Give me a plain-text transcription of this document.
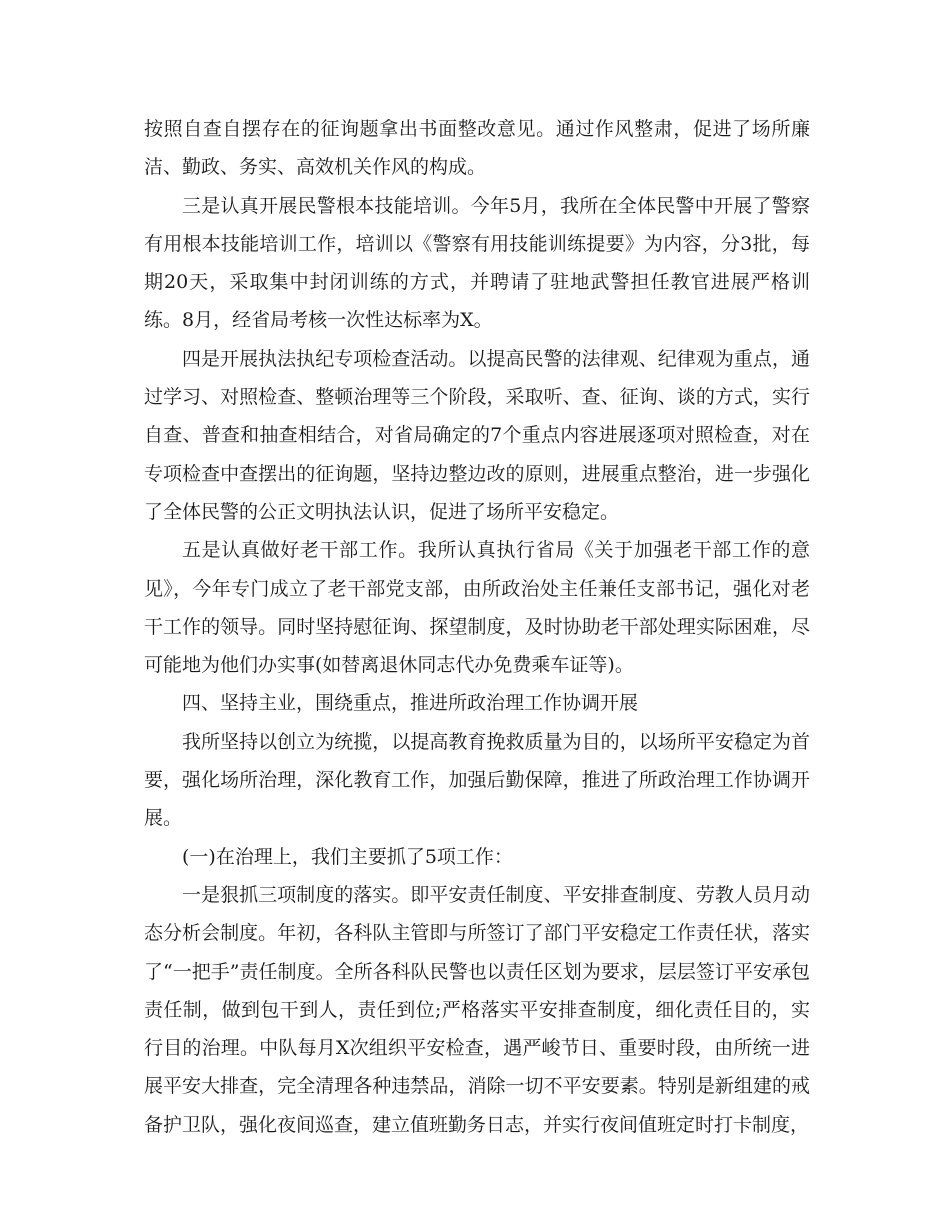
按照自查自摆存在的征询题拿出书面整改意见。通过作风整肃，促进了场所廉洁、勤政、务实、高效机关作风的构成。

三是认真开展民警根本技能培训。今年5月，我所在全体民警中开展了警察有用根本技能培训工作，培训以《警察有用技能训练提要》为内容，分3批，每期20天，采取集中封闭训练的方式，并聘请了驻地武警担任教官进展严格训练。8月，经省局考核一次性达标率为X。

四是开展执法执纪专项检查活动。以提高民警的法律观、纪律观为重点，通过学习、对照检查、整顿治理等三个阶段，采取听、查、征询、谈的方式，实行自查、普查和抽查相结合，对省局确定的7个重点内容进展逐项对照检查，对在专项检查中查摆出的征询题，坚持边整边改的原则，进展重点整治，进一步强化了全体民警的公正文明执法认识，促进了场所平安稳定。

五是认真做好老干部工作。我所认真执行省局《关于加强老干部工作的意见》，今年专门成立了老干部党支部，由所政治处主任兼任支部书记，强化对老干工作的领导。同时坚持慰征询、探望制度，及时协助老干部处理实际困难，尽可能地为他们办实事(如替离退休同志代办免费乘车证等)。

四、坚持主业，围绕重点，推进所政治理工作协调开展

我所坚持以创立为统揽，以提高教育挽救质量为目的，以场所平安稳定为首要，强化场所治理，深化教育工作，加强后勤保障，推进了所政治理工作协调开展。

(一)在治理上，我们主要抓了5项工作：

一是狠抓三项制度的落实。即平安责任制度、平安排查制度、劳教人员月动态分析会制度。年初，各科队主管即与所签订了部门平安稳定工作责任状，落实了“一把手”责任制度。全所各科队民警也以责任区划为要求，层层签订平安承包责任制，做到包干到人，责任到位;严格落实平安排查制度，细化责任目的，实行目的治理。中队每月X次组织平安检查，遇严峻节日、重要时段，由所统一进展平安大排查，完全清理各种违禁品，消除一切不平安要素。特别是新组建的戒备护卫队，强化夜间巡查，建立值班勤务日志，并实行夜间值班定时打卡制度，
